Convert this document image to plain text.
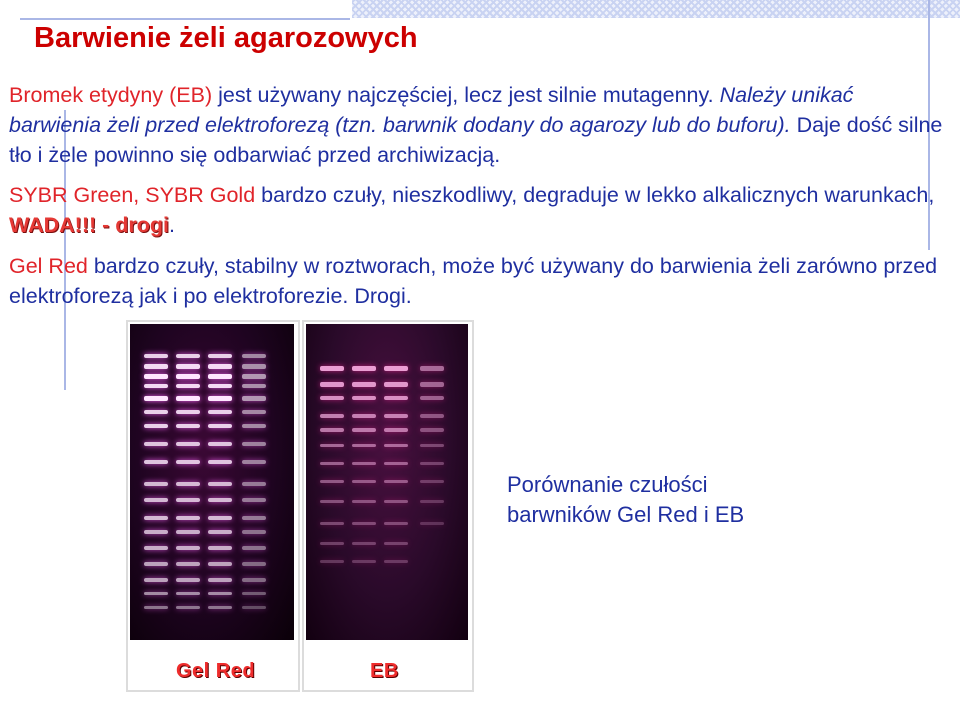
Barwienie żeli agarozowych

Bromek etydyny (EB) jest używany najczęściej, lecz jest silnie mutagenny. Należy unikać barwienia żeli przed elektroforezą (tzn. barwnik dodany do agarozy lub do buforu). Daje dość silne tło i żele powinno się odbarwiać przed archiwizacją.

SYBR Green, SYBR Gold bardzo czuły, nieszkodliwy, degraduje w lekko alkalicznych warunkach, WADA!!! - drogi.

Gel Red bardzo czuły, stabilny w roztworach, może być używany do barwienia żeli zarówno przed elektroforezą jak i po elektroforezie. Drogi.

Gel Red	EB

Porównanie czułości
barwników Gel Red i EB
